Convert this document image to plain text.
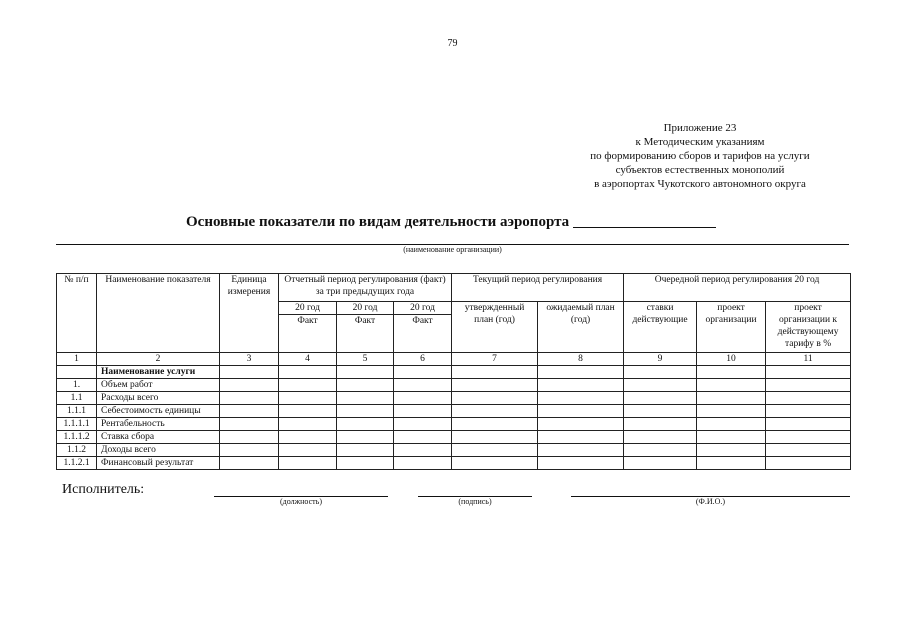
79
Приложение 23
к Методическим указаниям
по формированию сборов и тарифов на услуги
субъектов естественных монополий
в аэропортах Чукотского автономного округа
Основные показатели по видам деятельности аэропорта
(наименование организации)
№ п/п	Наименование показателя	Единица измерения	Отчетный период регулирования (факт) за три предыдущих года			Текущий период регулирования		Очередной период регулирования 20 год		
			20 год	20 год	20 год	утвержденный план (год)	ожидаемый план (год)	ставки действующие	проект организации	проект организации к действующему тарифу в %
			Факт	Факт	Факт					
1	2	3	4	5	6	7	8	9	10	11
	Наименование услуги									
1.	Объем работ									
1.1	Расходы всего									
1.1.1	Себестоимость единицы									
1.1.1.1	Рентабельность									
1.1.1.2	Ставка сбора									
1.1.2	Доходы всего									
1.1.2.1	Финансовый результат									
Исполнитель:
(должность)	(подпись)	(Ф.И.О.)
